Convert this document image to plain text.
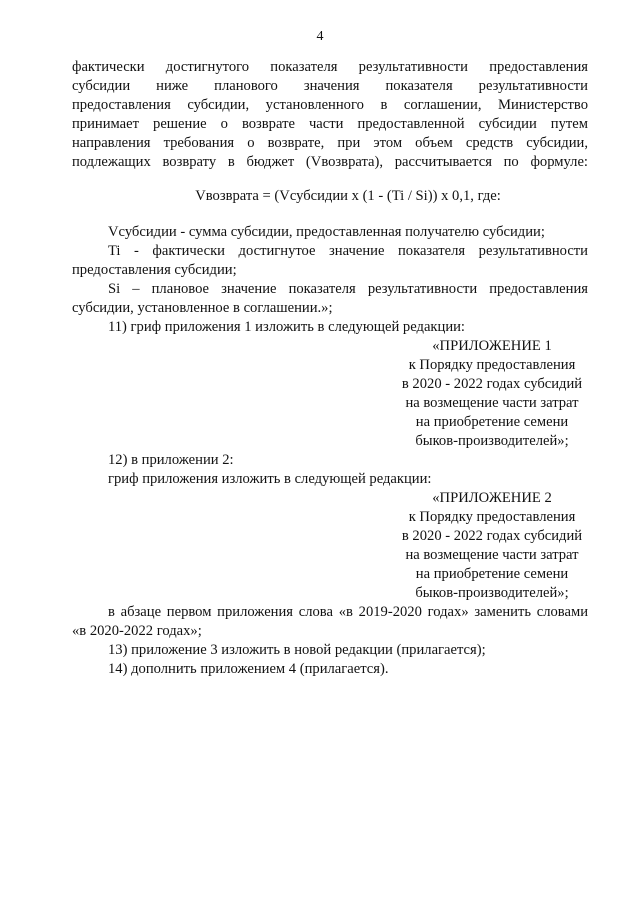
4
фактически достигнутого показателя результативности предоставления
субсидии ниже планового значения показателя результативности
предоставления субсидии, установленного в соглашении, Министерство
принимает решение о возврате части предоставленной субсидии путем
направления требования о возврате, при этом объем средств субсидии,
подлежащих возврату в бюджет (Vвозврата), рассчитывается по формуле:
Vвозврата = (Vсубсидии х (1 - (Ti / Si)) х 0,1, где:
Vсубсидии - сумма субсидии, предоставленная получателю субсидии;
Ti - фактически достигнутое значение показателя результативности
предоставления субсидии;
Si – плановое значение показателя результативности предоставления
субсидии, установленное в соглашении.»;
11) гриф приложения 1 изложить в следующей редакции:
«ПРИЛОЖЕНИЕ 1
к Порядку предоставления
в 2020 - 2022 годах субсидий
на возмещение части затрат
на приобретение семени
быков-производителей»;
12) в приложении 2:
гриф приложения изложить в следующей редакции:
«ПРИЛОЖЕНИЕ 2
к Порядку предоставления
в 2020 - 2022 годах субсидий
на возмещение части затрат
на приобретение семени
быков-производителей»;
в абзаце первом приложения слова «в 2019-2020 годах» заменить словами
«в 2020-2022 годах»;
13) приложение 3 изложить в новой редакции (прилагается);
14) дополнить приложением 4 (прилагается).
